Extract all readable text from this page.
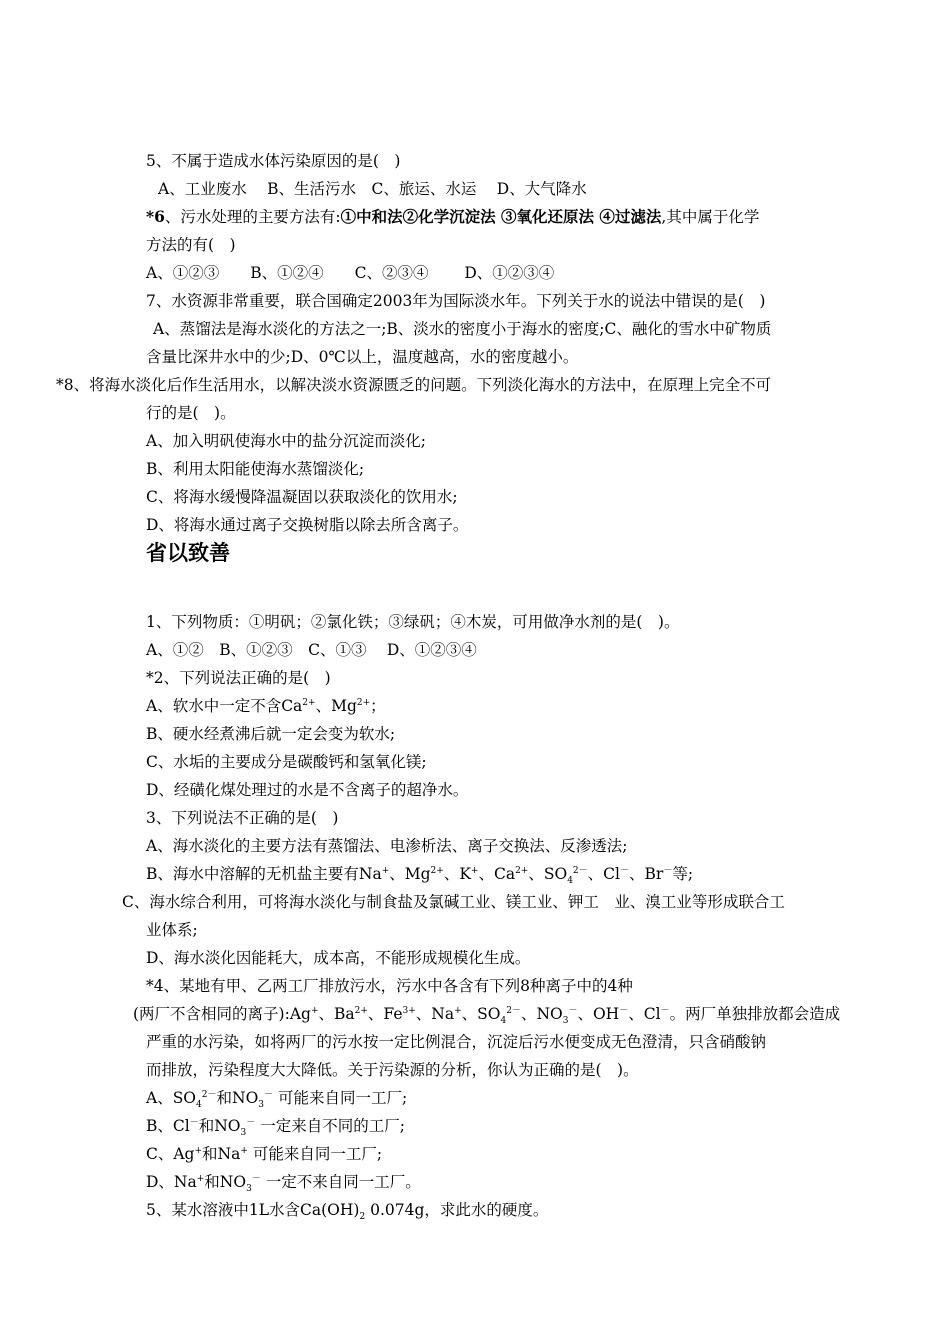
5、不属于造成水体污染原因的是(　)
A、工业废水　 B、生活污水　C、旅运、水运　 D、大气降水
*6、污水处理的主要方法有:①中和法②化学沉淀法 ③氧化还原法 ④过滤法,其中属于化学
方法的有(　)
A、①②③　　B、①②④　　C、②③④　　 D、①②③④
7、水资源非常重要，联合国确定2003年为国际淡水年。下列关于水的说法中错误的是(　)
A、蒸馏法是海水淡化的方法之一;B、淡水的密度小于海水的密度;C、融化的雪水中矿物质
含量比深井水中的少;D、0℃以上，温度越高，水的密度越小。
*8、将海水淡化后作生活用水，以解决淡水资源匮乏的问题。下列淡化海水的方法中，在原理上完全不可
行的是(　)。
A、加入明矾使海水中的盐分沉淀而淡化;
B、利用太阳能使海水蒸馏淡化;
C、将海水缓慢降温凝固以获取淡化的饮用水;
D、将海水通过离子交换树脂以除去所含离子。
省以致善
1、下列物质：①明矾；②氯化铁；③绿矾；④木炭，可用做净水剂的是(　)。
A、①②　B、①②③　C、①③　 D、①②③④
*2、下列说法正确的是(　)
A、软水中一定不含$Ca^{2+}$、$Mg^{2+}$；
B、硬水经煮沸后就一定会变为软水;
C、水垢的主要成分是碳酸钙和氢氧化镁;
D、经磺化煤处理过的水是不含离子的超净水。
3、下列说法不正确的是(　)
A、海水淡化的主要方法有蒸馏法、电渗析法、离子交换法、反渗透法;
B、海水中溶解的无机盐主要有Na+、$Mg^{2+}$、K+、$Ca^{2+}$、$SO_4^{2-}$、Cl－、Br－等;
C、海水综合利用，可将海水淡化与制食盐及氯碱工业、镁工业、钾工　业、溴工业等形成联合工
业体系;
D、海水淡化因能耗大，成本高，不能形成规模化生成。
*4、某地有甲、乙两工厂排放污水，污水中各含有下列8种离子中的4种
(两厂不含相同的离子):Ag+、$Ba^{2+}$、$Fe^{3+}$、Na+、$SO_4^{2-}$、$NO_3^-$、OH－、Cl－。两厂单独排放都会造成
严重的水污染，如将两厂的污水按一定比例混合，沉淀后污水便变成无色澄清，只含硝酸钠
而排放，污染程度大大降低。关于污染源的分析，你认为正确的是(　)。
A、$SO_4^{2-}$和$NO_3^-$ 可能来自同一工厂;
B、Cl－和$NO_3^-$ 一定来自不同的工厂;
C、Ag+和Na+ 可能来自同一工厂;
D、Na+和$NO_3^-$ 一定不来自同一工厂。
5、某水溶液中1L水含$Ca(OH)_2$ 0.074g，求此水的硬度。
